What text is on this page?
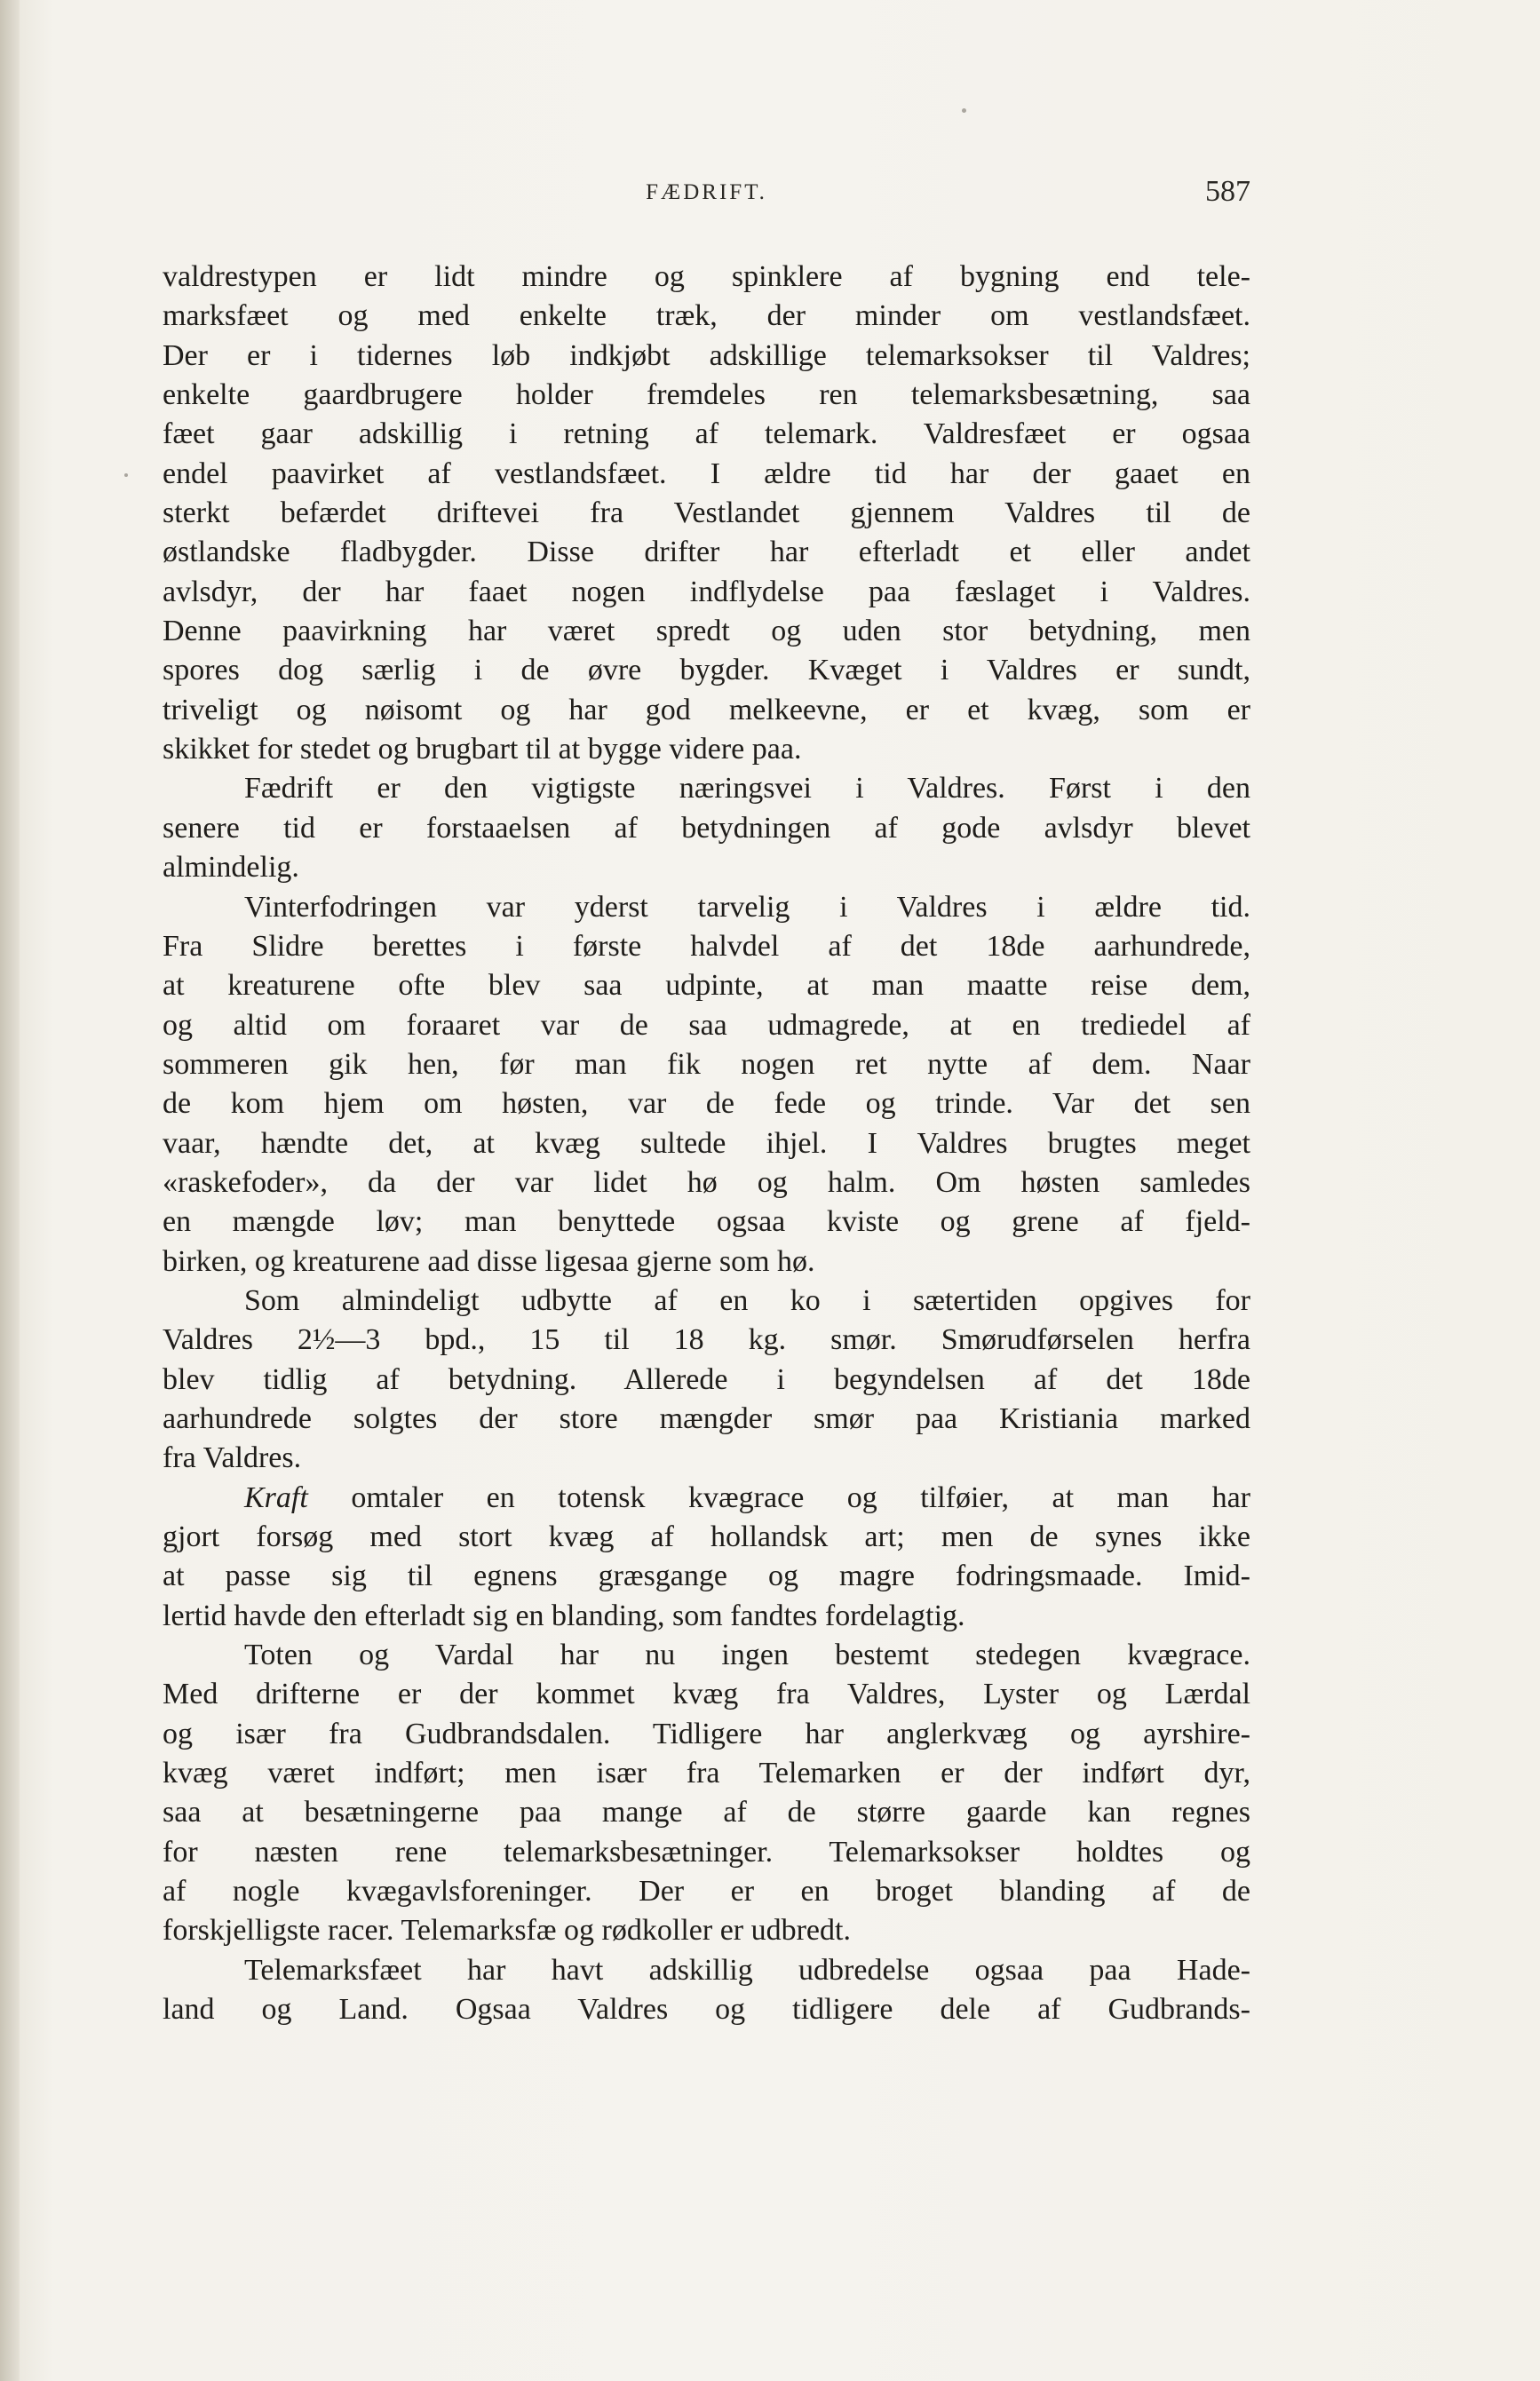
FÆDRIFT.	587
valdrestypen er lidt mindre og spinklere af bygning end tele-
marksfæet og med enkelte træk, der minder om vestlandsfæet.
Der er i tidernes løb indkjøbt adskillige telemarksokser til Valdres;
enkelte gaardbrugere holder fremdeles ren telemarksbesætning, saa
fæet gaar adskillig i retning af telemark. Valdresfæet er ogsaa
endel paavirket af vestlandsfæet. I ældre tid har der gaaet en
sterkt befærdet driftevei fra Vestlandet gjennem Valdres til de
østlandske fladbygder. Disse drifter har efterladt et eller andet
avlsdyr, der har faaet nogen indflydelse paa fæslaget i Valdres.
Denne paavirkning har været spredt og uden stor betydning, men
spores dog særlig i de øvre bygder. Kvæget i Valdres er sundt,
triveligt og nøisomt og har god melkeevne, er et kvæg, som er
skikket for stedet og brugbart til at bygge videre paa.
Fædrift er den vigtigste næringsvei i Valdres. Først i den
senere tid er forstaaelsen af betydningen af gode avlsdyr blevet
almindelig.
Vinterfodringen var yderst tarvelig i Valdres i ældre tid.
Fra Slidre berettes i første halvdel af det 18de aarhundrede,
at kreaturene ofte blev saa udpinte, at man maatte reise dem,
og altid om foraaret var de saa udmagrede, at en trediedel af
sommeren gik hen, før man fik nogen ret nytte af dem. Naar
de kom hjem om høsten, var de fede og trinde. Var det sen
vaar, hændte det, at kvæg sultede ihjel. I Valdres brugtes meget
«raskefoder», da der var lidet hø og halm. Om høsten samledes
en mængde løv; man benyttede ogsaa kviste og grene af fjeld-
birken, og kreaturene aad disse ligesaa gjerne som hø.
Som almindeligt udbytte af en ko i sætertiden opgives for
Valdres 2½—3 bpd., 15 til 18 kg. smør. Smørudførselen herfra
blev tidlig af betydning. Allerede i begyndelsen af det 18de
aarhundrede solgtes der store mængder smør paa Kristiania marked
fra Valdres.
Kraft omtaler en totensk kvægrace og tilføier, at man har
gjort forsøg med stort kvæg af hollandsk art; men de synes ikke
at passe sig til egnens græsgange og magre fodringsmaade. Imid-
lertid havde den efterladt sig en blanding, som fandtes fordelagtig.
Toten og Vardal har nu ingen bestemt stedegen kvægrace.
Med drifterne er der kommet kvæg fra Valdres, Lyster og Lærdal
og især fra Gudbrandsdalen. Tidligere har anglerkvæg og ayrshire-
kvæg været indført; men især fra Telemarken er der indført dyr,
saa at besætningerne paa mange af de større gaarde kan regnes
for næsten rene telemarksbesætninger. Telemarksokser holdtes og
af nogle kvægavlsforeninger. Der er en broget blanding af de
forskjelligste racer. Telemarksfæ og rødkoller er udbredt.
Telemarksfæet har havt adskillig udbredelse ogsaa paa Hade-
land og Land. Ogsaa Valdres og tidligere dele af Gudbrands-
